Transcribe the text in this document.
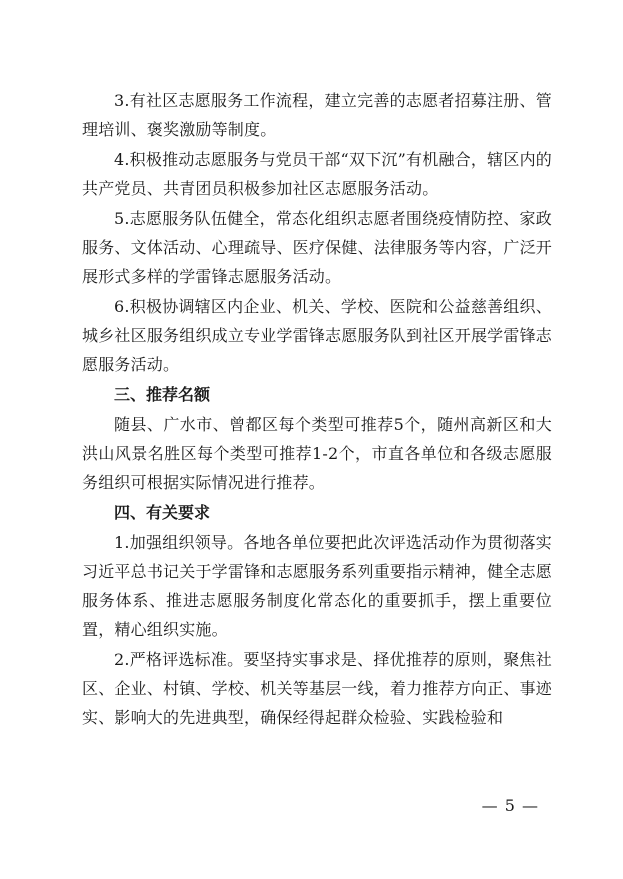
3.有社区志愿服务工作流程，建立完善的志愿者招募注册、管理培训、褒奖激励等制度。

4.积极推动志愿服务与党员干部“双下沉”有机融合，辖区内的共产党员、共青团员积极参加社区志愿服务活动。

5.志愿服务队伍健全，常态化组织志愿者围绕疫情防控、家政服务、文体活动、心理疏导、医疗保健、法律服务等内容，广泛开展形式多样的学雷锋志愿服务活动。

6.积极协调辖区内企业、机关、学校、医院和公益慈善组织、城乡社区服务组织成立专业学雷锋志愿服务队到社区开展学雷锋志愿服务活动。

三、推荐名额

随县、广水市、曾都区每个类型可推荐5个，随州高新区和大洪山风景名胜区每个类型可推荐1-2个，市直各单位和各级志愿服务组织可根据实际情况进行推荐。

四、有关要求

1.加强组织领导。各地各单位要把此次评选活动作为贯彻落实习近平总书记关于学雷锋和志愿服务系列重要指示精神，健全志愿服务体系、推进志愿服务制度化常态化的重要抓手，摆上重要位置，精心组织实施。

2.严格评选标准。要坚持实事求是、择优推荐的原则，聚焦社区、企业、村镇、学校、机关等基层一线，着力推荐方向正、事迹实、影响大的先进典型，确保经得起群众检验、实践检验和

— 5 —
